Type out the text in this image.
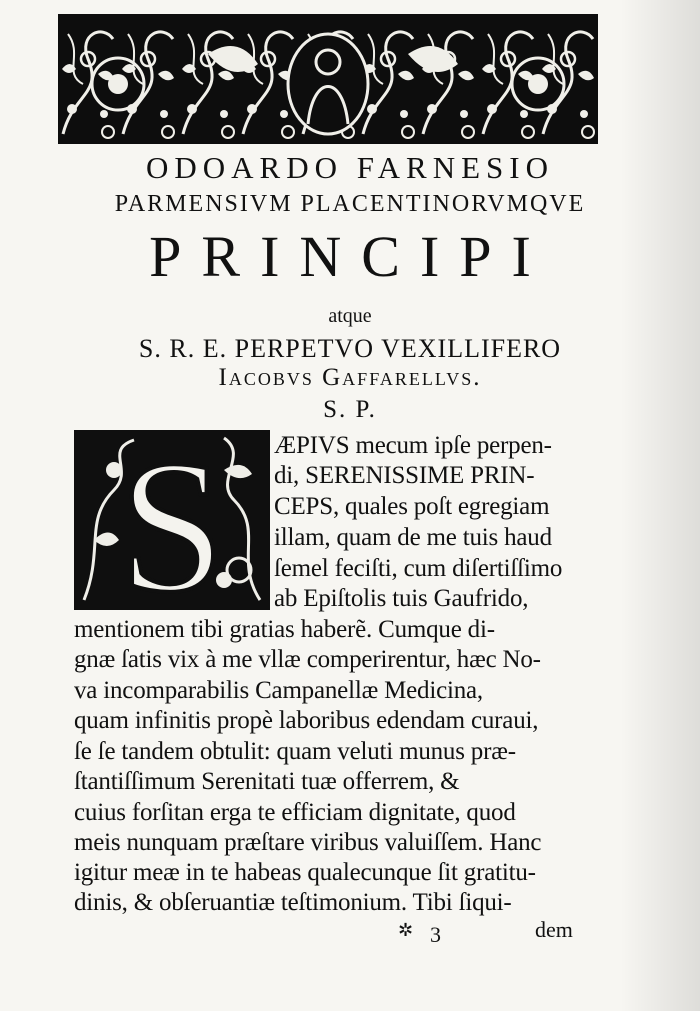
ODOARDO FARNESIO
PARMENSIVM PLACENTINORVMQVE
PRINCIPI
atque
S. R. E. PERPETVO VEXILLIFERO
Iacobvs Gaffarellvs.
S. P.
S ÆPIVS mecum ipſe perpen-
di, SERENISSIME PRIN-
CEPS, quales poſt egregiam
illam, quam de me tuis haud
ſemel feciſti, cum diſertiſſimo
ab Epiſtolis tuis Gaufrido,
mentionem tibi gratias haberẽ. Cumque di-
gnæ ſatis vix à me vllæ comperirentur, hæc No-
va incomparabilis Campanellæ Medicina,
quam infinitis propè laboribus edendam curaui,
ſe ſe tandem obtulit: quam veluti munus præ-
ſtantiſſimum Serenitati tuæ offerrem, &
cuius forſitan erga te efficiam dignitate, quod
meis nunquam præſtare viribus valuiſſem. Hanc
igitur meæ in te habeas qualecunque ſit gratitu-
dinis, & obſeruantiæ teſtimonium. Tibi ſiqui-
✲ 3	dem
